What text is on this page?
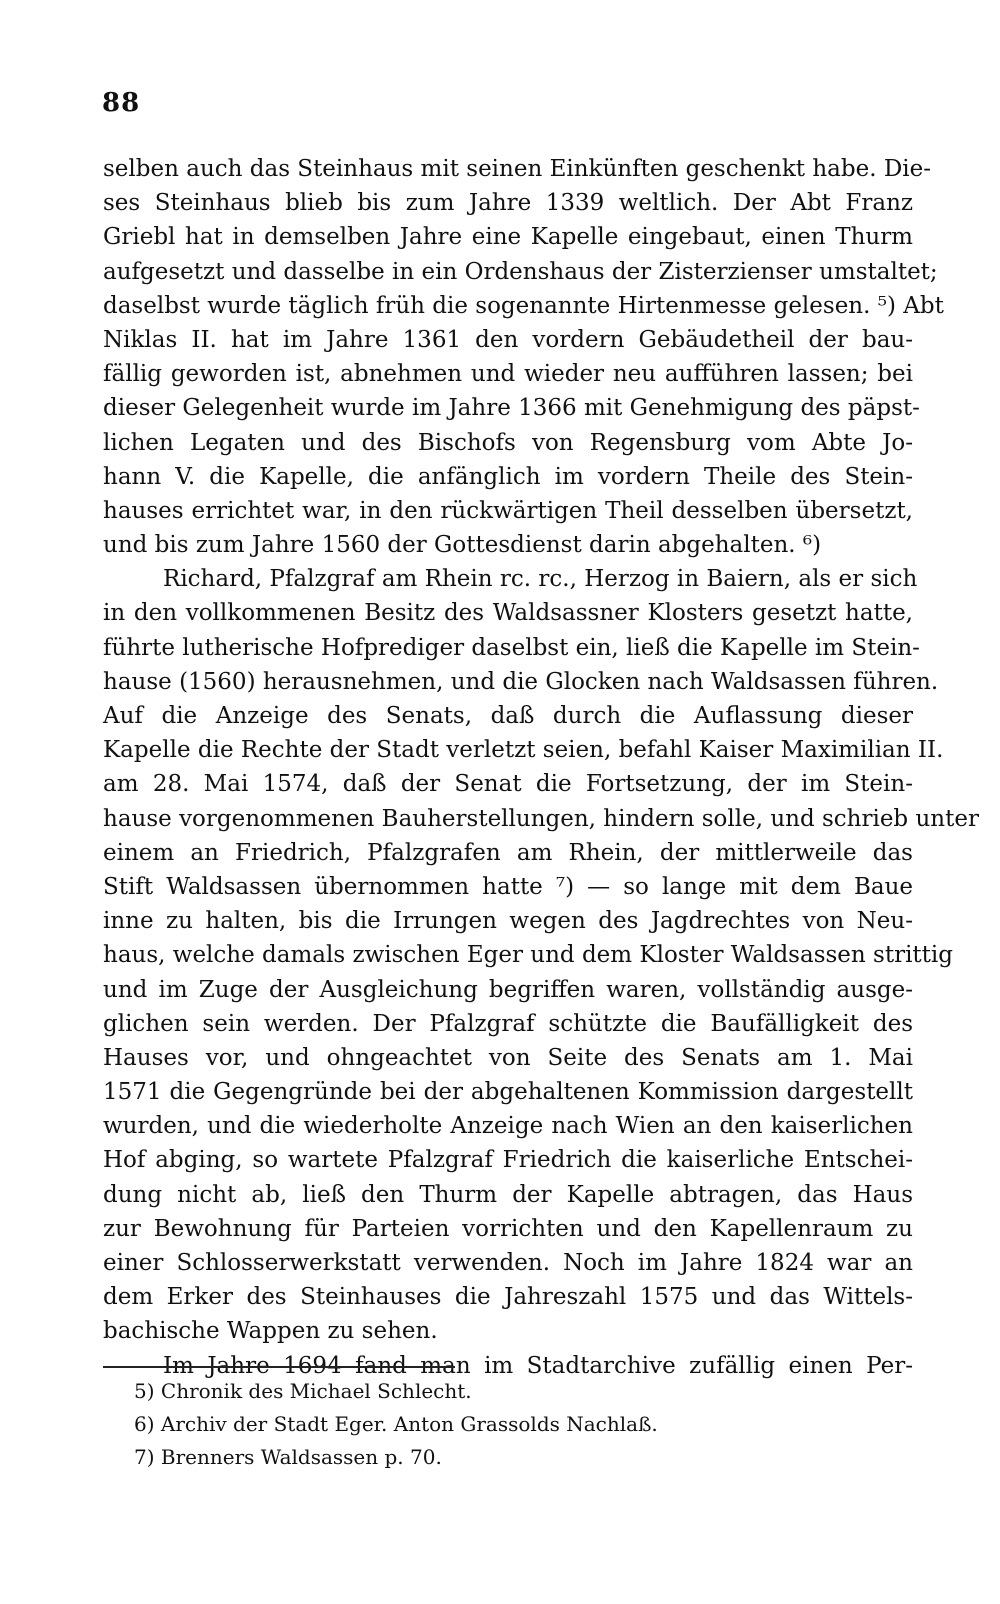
88
selben auch das Steinhaus mit seinen Einkünften geschenkt habe. Die-
ses Steinhaus blieb bis zum Jahre 1339 weltlich. Der Abt Franz
Griebl hat in demselben Jahre eine Kapelle eingebaut, einen Thurm
aufgesetzt und dasselbe in ein Ordenshaus der Zisterzienser umstaltet;
daselbst wurde täglich früh die sogenannte Hirtenmesse gelesen. ⁵) Abt
Niklas II. hat im Jahre 1361 den vordern Gebäudetheil der bau-
fällig geworden ist, abnehmen und wieder neu aufführen lassen; bei
dieser Gelegenheit wurde im Jahre 1366 mit Genehmigung des päpst-
lichen Legaten und des Bischofs von Regensburg vom Abte Jo-
hann V. die Kapelle, die anfänglich im vordern Theile des Stein-
hauses errichtet war, in den rückwärtigen Theil desselben übersetzt,
und bis zum Jahre 1560 der Gottesdienst darin abgehalten. ⁶)
Richard, Pfalzgraf am Rhein rc. rc., Herzog in Baiern, als er sich
in den vollkommenen Besitz des Waldsassner Klosters gesetzt hatte,
führte lutherische Hofprediger daselbst ein, ließ die Kapelle im Stein-
hause (1560) herausnehmen, und die Glocken nach Waldsassen führen.
Auf die Anzeige des Senats, daß durch die Auflassung dieser
Kapelle die Rechte der Stadt verletzt seien, befahl Kaiser Maximilian II.
am 28. Mai 1574, daß der Senat die Fortsetzung, der im Stein-
hause vorgenommenen Bauherstellungen, hindern solle, und schrieb unter
einem an Friedrich, Pfalzgrafen am Rhein, der mittlerweile das
Stift Waldsassen übernommen hatte ⁷) — so lange mit dem Baue
inne zu halten, bis die Irrungen wegen des Jagdrechtes von Neu-
haus, welche damals zwischen Eger und dem Kloster Waldsassen strittig
und im Zuge der Ausgleichung begriffen waren, vollständig ausge-
glichen sein werden. Der Pfalzgraf schützte die Baufälligkeit des
Hauses vor, und ohngeachtet von Seite des Senats am 1. Mai
1571 die Gegengründe bei der abgehaltenen Kommission dargestellt
wurden, und die wiederholte Anzeige nach Wien an den kaiserlichen
Hof abging, so wartete Pfalzgraf Friedrich die kaiserliche Entschei-
dung nicht ab, ließ den Thurm der Kapelle abtragen, das Haus
zur Bewohnung für Parteien vorrichten und den Kapellenraum zu
einer Schlosserwerkstatt verwenden. Noch im Jahre 1824 war an
dem Erker des Steinhauses die Jahreszahl 1575 und das Wittels-
bachische Wappen zu sehen.
Im Jahre 1694 fand man im Stadtarchive zufällig einen Per-
5) Chronik des Michael Schlecht.
6) Archiv der Stadt Eger. Anton Grassolds Nachlaß.
7) Brenners Waldsassen p. 70.
